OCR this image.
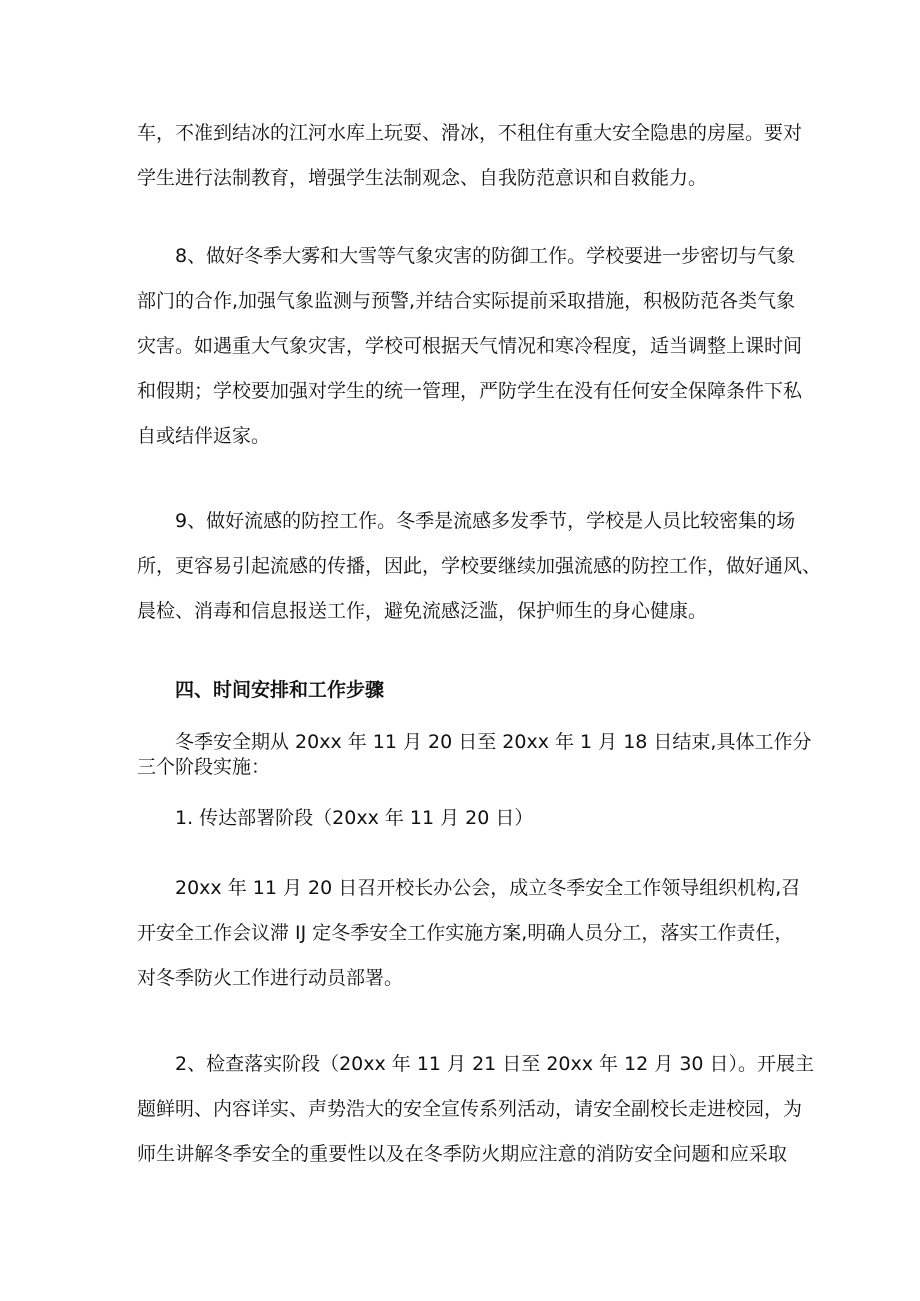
车，不准到结冰的江河水库上玩耍、滑冰，不租住有重大安全隐患的房屋。要对

学生进行法制教育，增强学生法制观念、自我防范意识和自救能力。

8、做好冬季大雾和大雪等气象灾害的防御工作。学校要进一步密切与气象

部门的合作,加强气象监测与预警,并结合实际提前采取措施，积极防范各类气象

灾害。如遇重大气象灾害，学校可根据天气情况和寒冷程度，适当调整上课时间

和假期；学校要加强对学生的统一管理，严防学生在没有任何安全保障条件下私

自或结伴返家。

9、做好流感的防控工作。冬季是流感多发季节，学校是人员比较密集的场

所，更容易引起流感的传播，因此，学校要继续加强流感的防控工作，做好通风、

晨检、消毒和信息报送工作，避免流感泛滥，保护师生的身心健康。

四、时间安排和工作步骤

冬季安全期从 20xx 年 11 月 20 日至 20xx 年 1 月 18 日结束,具体工作分

三个阶段实施：

1. 传达部署阶段（20xx 年 11 月 20 日）

20xx 年 11 月 20 日召开校长办公会，成立冬季安全工作领导组织机构,召

开安全工作会议滞 IJ 定冬季安全工作实施方案,明确人员分工，落实工作责任，

对冬季防火工作进行动员部署。

2、检查落实阶段（20xx 年 11 月 21 日至 20xx 年 12 月 30 日）。开展主

题鲜明、内容详实、声势浩大的安全宣传系列活动，请安全副校长走进校园，为

师生讲解冬季安全的重要性以及在冬季防火期应注意的消防安全问题和应采取
